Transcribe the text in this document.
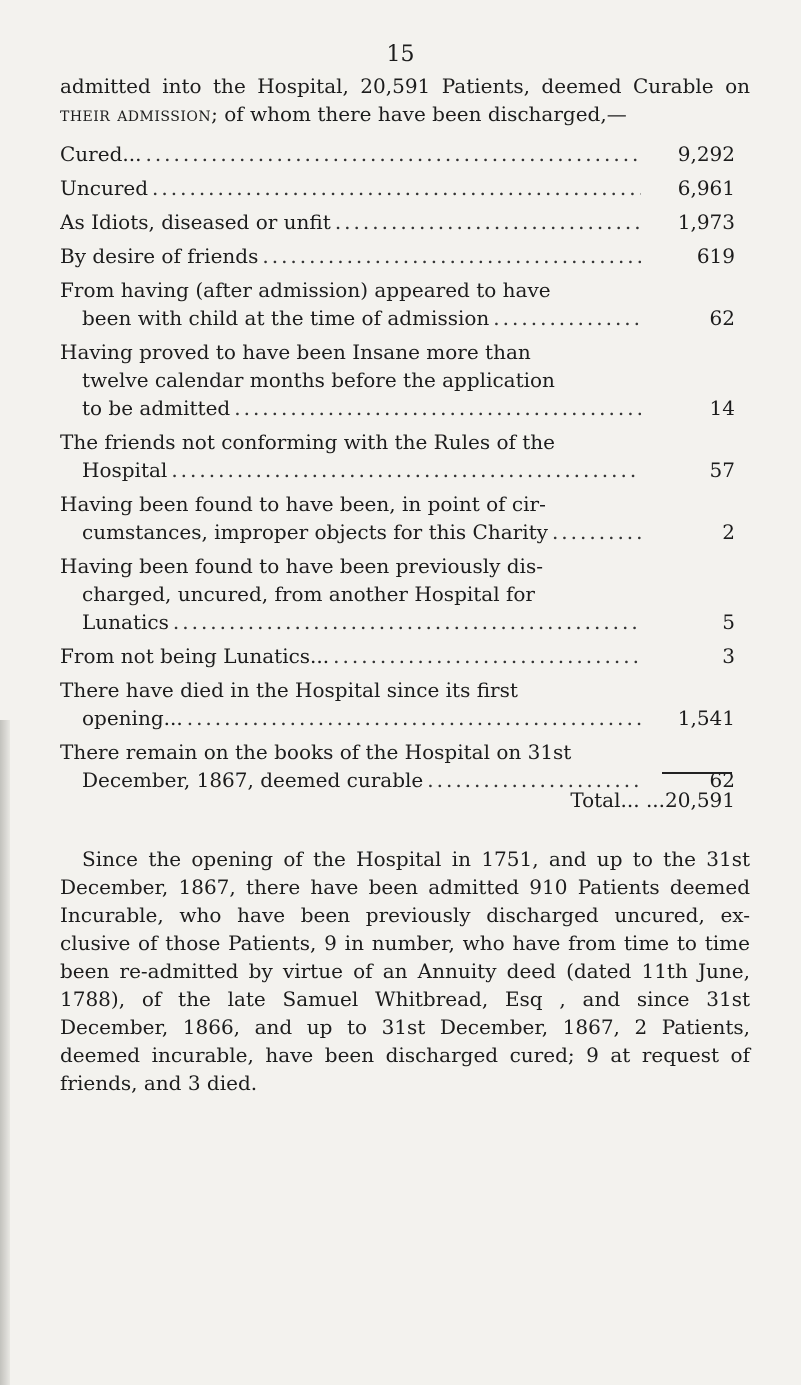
15
admitted into the Hospital, 20,591 Patients, deemed Curable on their admission; of whom there have been discharged,—
Cured... .....	9,292
Uncured .....	6,961
As Idiots, diseased or unfit .....	1,973
By desire of friends .....	619
From having (after admission) appeared to have
been with child at the time of admission .....	62
Having proved to have been Insane more than
twelve calendar months before the application
to be admitted .....	14
The friends not conforming with the Rules of the
Hospital .....	57
Having been found to have been, in point of cir-
cumstances, improper objects for this Charity .....	2
Having been found to have been previously dis-
charged, uncured, from another Hospital for
Lunatics .....	5
From not being Lunatics... .....	3
There have died in the Hospital since its first
opening... .....	1,541
There remain on the books of the Hospital on 31st
December, 1867, deemed curable .....	62
Total... ...20,591
Since the opening of the Hospital in 1751, and up to the 31st December, 1867, there have been admitted 910 Patients deemed Incurable, who have been previously discharged uncured, ex- clusive of those Patients, 9 in number, who have from time to time been re-admitted by virtue of an Annuity deed (dated 11th June, 1788), of the late Samuel Whitbread, Esq , and since 31st December, 1866, and up to 31st December, 1867, 2 Patients, deemed incurable, have been discharged cured; 9 at request of friends, and 3 died.
